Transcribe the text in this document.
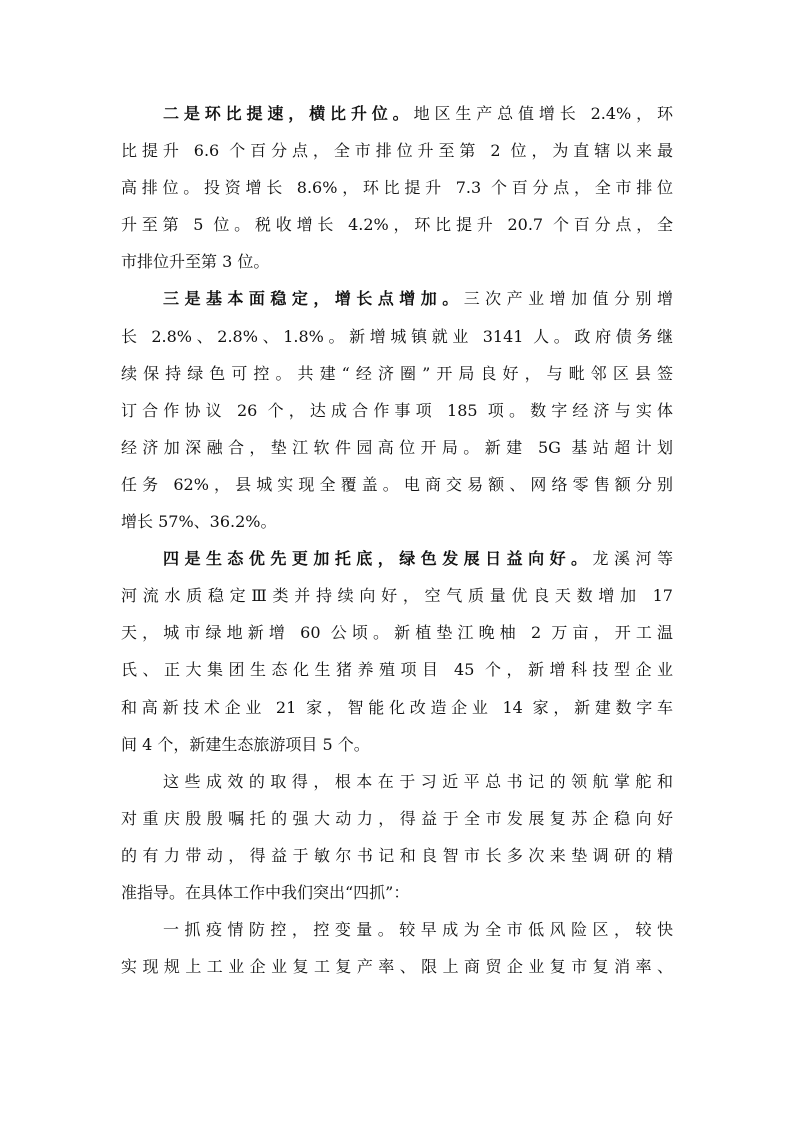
二是环比提速，横比升位。地区生产总值增长 2.4%，环
比提升 6.6 个百分点，全市排位升至第 2 位，为直辖以来最
高排位。投资增长 8.6%，环比提升 7.3 个百分点，全市排位
升至第 5 位。税收增长 4.2%，环比提升 20.7 个百分点，全
市排位升至第 3 位。
三是基本面稳定，增长点增加。三次产业增加值分别增
长 2.8%、2.8%、1.8%。新增城镇就业 3141 人。政府债务继
续保持绿色可控。共建“经济圈”开局良好，与毗邻区县签
订合作协议 26 个，达成合作事项 185 项。数字经济与实体
经济加深融合，垫江软件园高位开局。新建 5G 基站超计划
任务 62%，县城实现全覆盖。电商交易额、网络零售额分别
增长 57%、36.2%。
四是生态优先更加托底，绿色发展日益向好。龙溪河等
河流水质稳定Ⅲ类并持续向好，空气质量优良天数增加 17
天，城市绿地新增 60 公顷。新植垫江晚柚 2 万亩，开工温
氏、正大集团生态化生猪养殖项目 45 个，新增科技型企业
和高新技术企业 21 家，智能化改造企业 14 家，新建数字车
间 4 个，新建生态旅游项目 5 个。
这些成效的取得，根本在于习近平总书记的领航掌舵和
对重庆殷殷嘱托的强大动力，得益于全市发展复苏企稳向好
的有力带动，得益于敏尔书记和良智市长多次来垫调研的精
准指导。在具体工作中我们突出“四抓”：
一抓疫情防控，控变量。较早成为全市低风险区，较快
实现规上工业企业复工复产率、限上商贸企业复市复消率、
